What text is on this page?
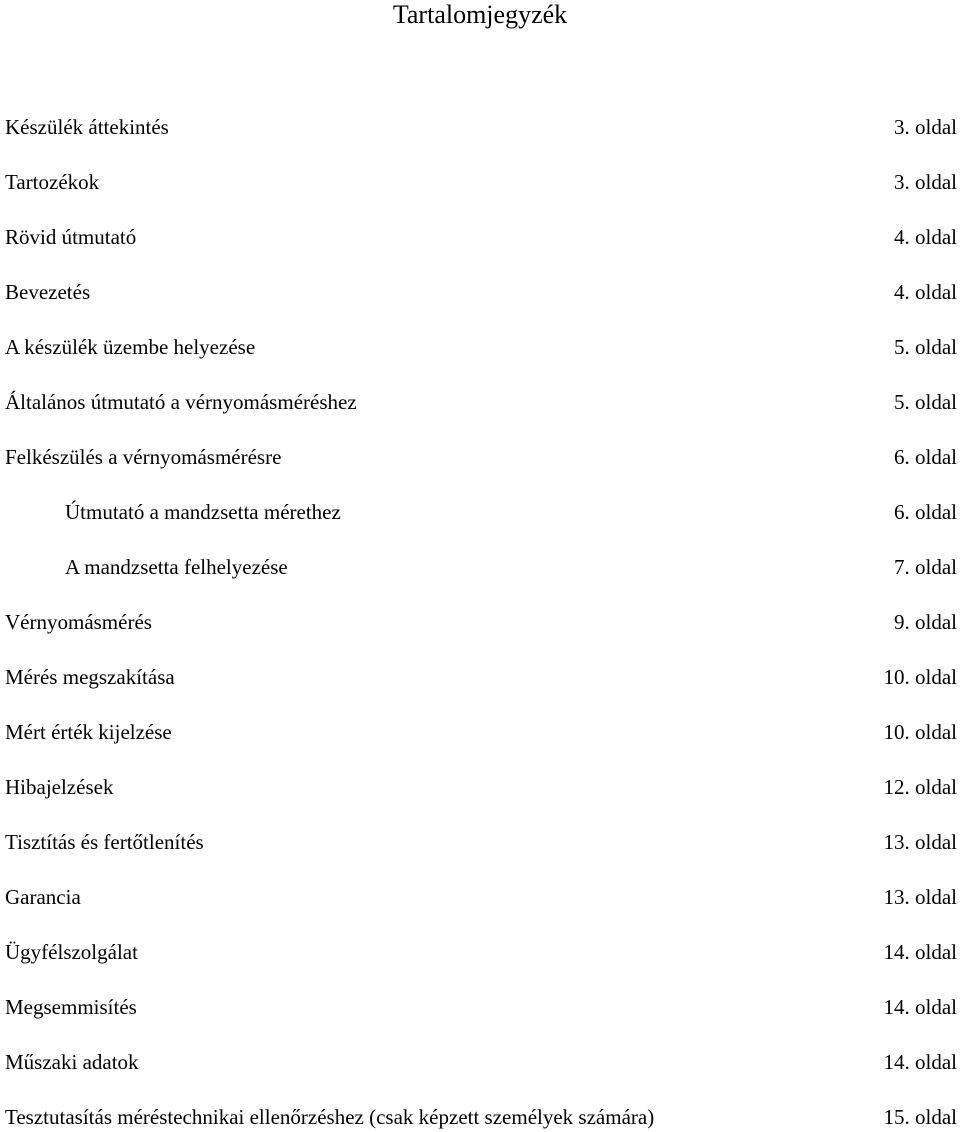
Tartalomjegyzék
Készülék áttekintés	3. oldal
Tartozékok	3. oldal
Rövid útmutató	4. oldal
Bevezetés	4. oldal
A készülék üzembe helyezése	5. oldal
Általános útmutató a vérnyomásméréshez	5. oldal
Felkészülés a vérnyomásmérésre	6. oldal
Útmutató a mandzsetta mérethez	6. oldal
A mandzsetta felhelyezése	7. oldal
Vérnyomásmérés	9. oldal
Mérés megszakítása	10. oldal
Mért érték kijelzése	10. oldal
Hibajelzések	12. oldal
Tisztítás és fertőtlenítés	13. oldal
Garancia	13. oldal
Ügyfélszolgálat	14. oldal
Megsemmisítés	14. oldal
Műszaki adatok	14. oldal
Tesztutasítás méréstechnikai ellenőrzéshez (csak képzett személyek számára)	15. oldal
